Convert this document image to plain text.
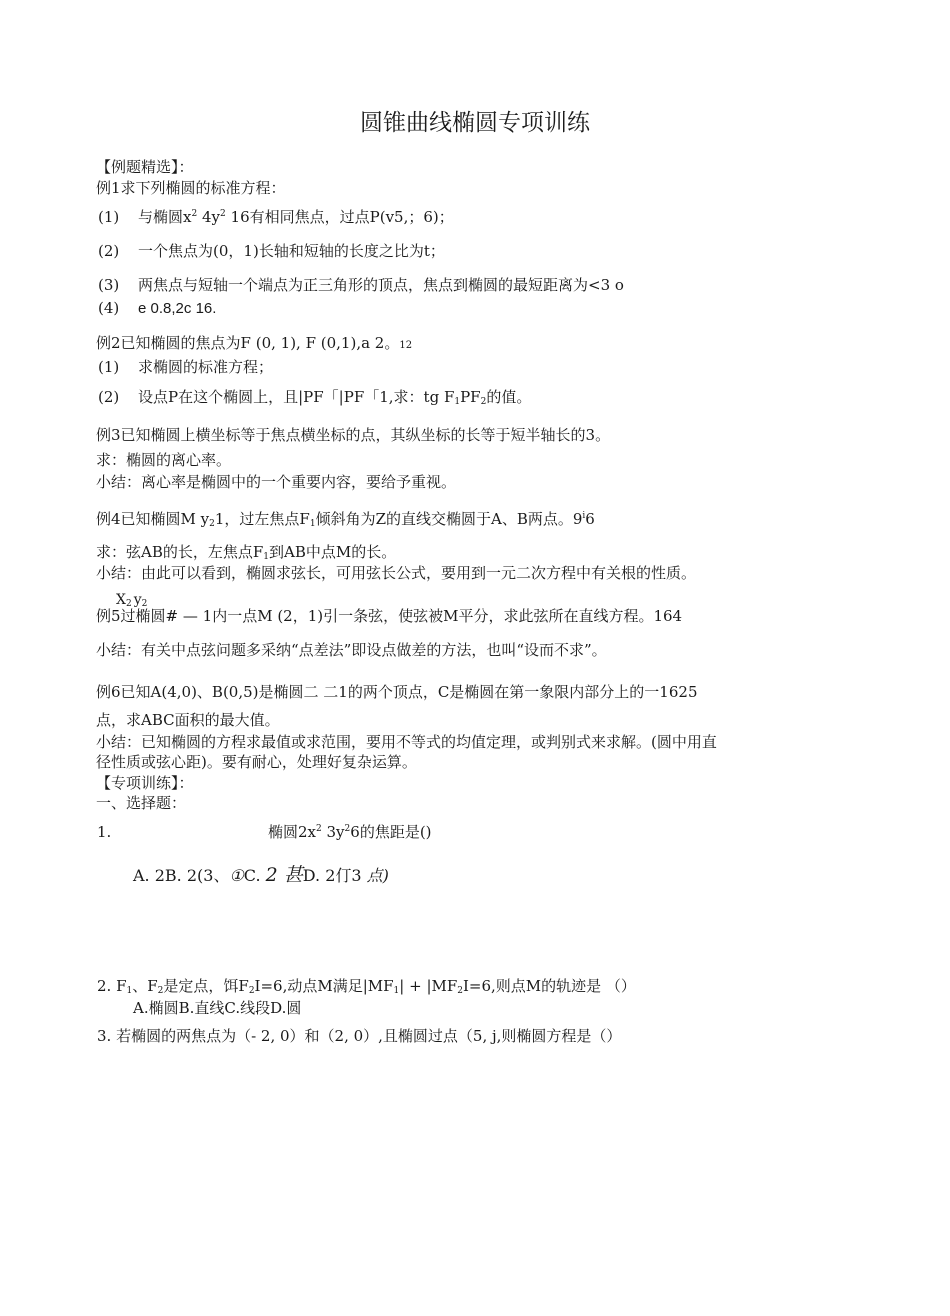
圆锥曲线椭圆专项训练
【例题精选】：
例1求下列椭圆的标准方程：
(1) 与椭圆$x^2$ $4y^2$ 16有相同焦点，过点P(v5,；6)；
(2) 一个焦点为(0，1)长轴和短轴的长度之比为t；
(3) 两焦点与短轴一个端点为正三角形的顶点，焦点到椭圆的最短距离为<3 o
(4) e 0.8,2c 16.
例2已知椭圆的焦点为F (0, 1), F (0,1),a 2。12
(1) 求椭圆的标准方程；
(2) 设点P在这个椭圆上，且|PF「|PF「1,求：tg $F_1PF_2$的值。
例3已知椭圆上横坐标等于焦点横坐标的点，其纵坐标的长等于短半轴长的3。
求：椭圆的离心率。
小结：离心率是椭圆中的一个重要内容，要给予重视。
例4已知椭圆M $y_21$，过左焦点$F_1$倾斜角为Z的直线交椭圆于A、B两点。9$^i$6
求：弦AB的长，左焦点$F_1$到AB中点M的长。
小结：由此可以看到，椭圆求弦长，可用弦长公式，要用到一元二次方程中有关根的性质。
$X_2$ $y_2$
例5过椭圆# — 1内一点M (2，1)引一条弦，使弦被M平分，求此弦所在直线方程。164
小结：有关中点弦问题多采纳“点差法”即设点做差的方法，也叫“设而不求”。
例6已知A(4,0)、B(0,5)是椭圆二 二1的两个顶点，C是椭圆在第一象限内部分上的一1625
点，求ABC面积的最大值。
小结：已知椭圆的方程求最值或求范围，要用不等式的均值定理，或判别式来求解。(圆中用直
径性质或弦心距)。要有耐心，处理好复杂运算。
【专项训练】：
一、选择题：
1.	椭圆$2x^2$ $3y^26$的焦距是()
A. 2B. 2(3、①C. 2 甚D. 2仃3 点)
2. $F_1$、$F_2$是定点，饵$F_2I=6$,动点M满足$|MF_1| + |MF_2I=6$,则点M的轨迹是 （）
A.椭圆B.直线C.线段D.圆
3. 若椭圆的两焦点为（- 2, 0）和（2, 0）,且椭圆过点（5, j,则椭圆方程是（）
